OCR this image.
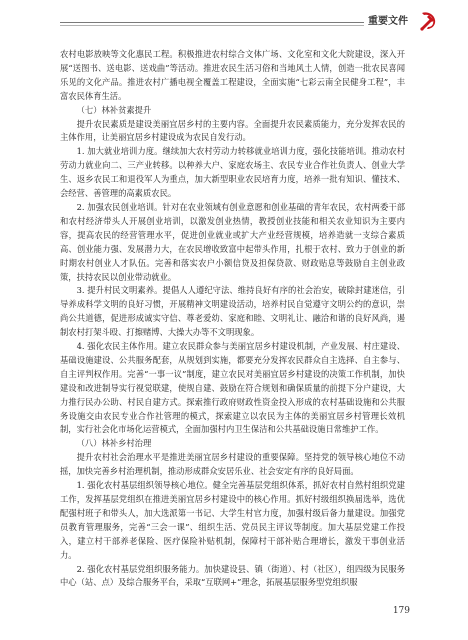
重要文件

农村电影放映等文化惠民工程。积极推进农村综合文体广场、文化室和文化大院建设，深入开展“送图书、送电影、送戏曲”等活动。推进农民生活习俗和当地风土人情，创造一批农民喜闻乐见的文化产品。推进农村广播电视全覆盖工程建设，全面实施“七彩云南全民健身工程”，丰富农民体育生活。

（七）林补贫素提升

提升农民素质是建设美丽宜居乡村的主要内容。全面提升农民素质能力，充分发挥农民的主体作用，让美丽宜居乡村建设成为农民自发行动。

1. 加大就业培训力度。继续加大农村劳动力转移就业培训力度，强化技能培训。推动农村劳动力就业向二、三产业转移。以种养大户、家庭农场主、农民专业合作社负责人、创业大学生、返乡农民工和退役军人为重点，加大新型职业农民培育力度，培养一批有知识、懂技术、会经营、善管理的高素质农民。

2. 加强农民创业培训。针对在农业领域有创业意愿和创业基础的青年农民，农村两委干部和农村经济带头人开展创业培训，以激发创业热情，教授创业技能和相关农业知识为主要内容，提高农民的经营管理水平，促进创业就业或扩大产业经营规模，培养造就一支综合素质高、创业能力强、发展潜力大，在农民增收致富中起带头作用，扎根于农村、致力于创业的新时期农村创业人才队伍。完善和落实农户小额信贷及担保贷款、财政贴息等鼓励自主创业政策，扶持农民以创业带动就业。

3. 提升村民文明素养。提倡人人遵纪守法、维持良好有序的社会治安，破除封建迷信，引导养成科学文明的良好习惯，开展精神文明建设活动，培养村民自觉遵守文明公约的意识，崇尚公共道德，促进形成诚实守信、尊老爱幼、家庭和睦、文明礼让、融洽和谐的良好风尚，遏制农村打架斗殴、打擦赌博、大操大办等不文明现象。

4. 强化农民主体作用。建立农民群众参与美丽宜居乡村建设机制，产业发展、村庄建设、基础设施建设、公共服务配套，从规划到实施，都要充分发挥农民群众自主选择、自主参与、自主评判权作用。完善“一事一议”制度，建立农民对美丽宜居乡村建设的决策工作机制，加快建设和改进制导实行视觉联建，使规自建、鼓励在符合规划和确保质量的前提下分户建设，大力推行民办公助、村民自建方式。探索推行政府财政性资金投入形成的农村基础设施和公共服务设施交由农民专业合作社管理的模式，探索建立以农民为主体的美丽宜居乡村管理长效机制，实行社会化市场化运营模式，全面加强村内卫生保洁和公共基础设施日常维护工作。

（八）林补乡村治理

提升农村社会治理水平是推进美丽宜居乡村建设的重要保障。坚持党的领导核心地位不动摇，加快完善乡村治理机制，推动形成群众安居乐业、社会安定有序的良好局面。

1. 强化农村基层组织领导核心地位。健全完善基层党组织体系，抓好农村自然村组织党建工作，发挥基层党组织在推进美丽宜居乡村建设中的核心作用。抓好村级组织换届选举，选优配强村班子和带头人，加大选派第一书记、大学生村官力度，加强村级后备力量建设。加强党员教育管理服务，完善“三会一课”、组织生活、党员民主评议等制度。加大基层党建工作投入，建立村干部养老保险、医疗保险补贴机制，保障村干部补贴合理增长，激发干事创业活力。

2. 强化农村基层党组织服务能力。加快建设县、镇（街道）、村（社区），组四级为民服务中心（站、点）及综合服务平台，采取“互联网+”理念，拓展基层服务型党组织服

179
